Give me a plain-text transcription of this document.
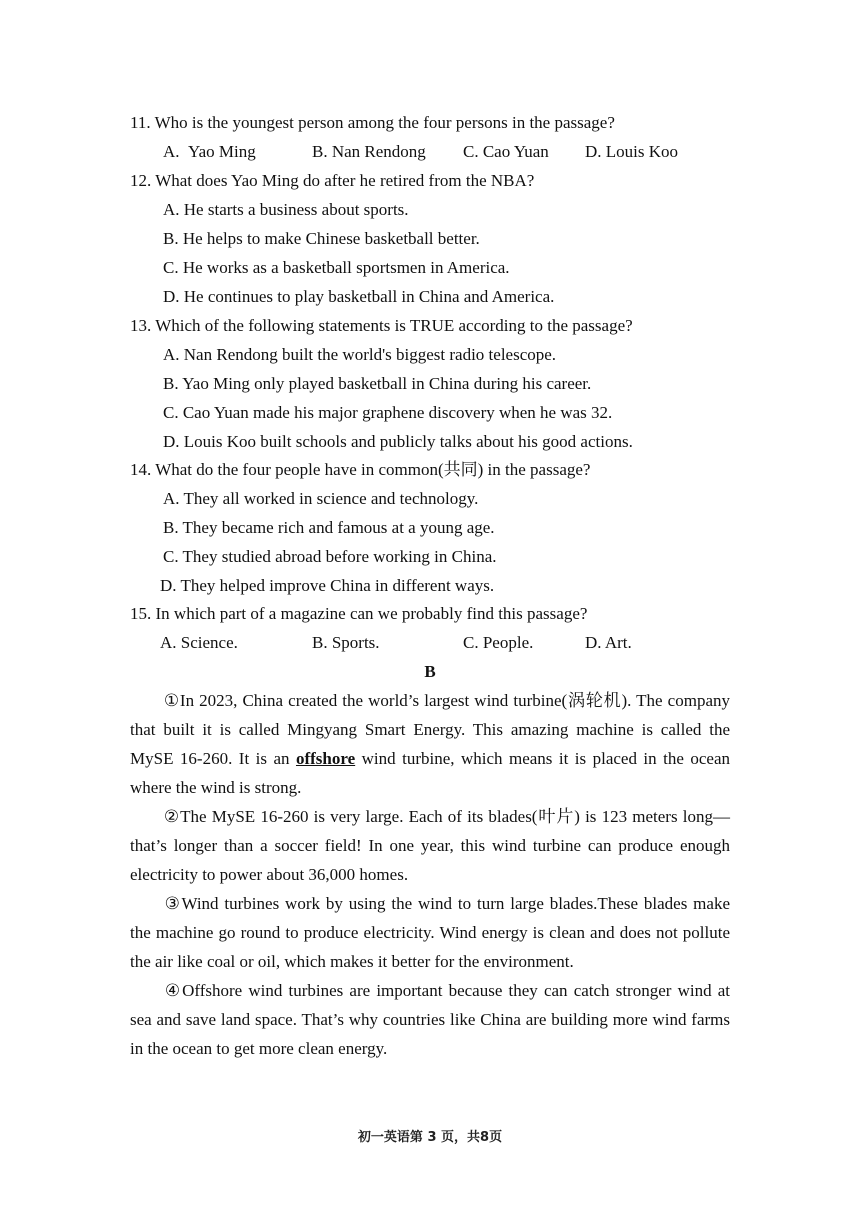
11. Who is the youngest person among the four persons in the passage?
A. Yao Ming	B. Nan Rendong C. Cao Yuan D. Louis Koo
12. What does Yao Ming do after he retired from the NBA?
A. He starts a business about sports.
B. He helps to make Chinese basketball better.
C. He works as a basketball sportsmen in America.
D. He continues to play basketball in China and America.
13. Which of the following statements is TRUE according to the passage?
A. Nan Rendong built the world's biggest radio telescope.
B. Yao Ming only played basketball in China during his career.
C. Cao Yuan made his major graphene discovery when he was 32.
D. Louis Koo built schools and publicly talks about his good actions.
14. What do the four people have in common(共同) in the passage?
A. They all worked in science and technology.
B. They became rich and famous at a young age.
C. They studied abroad before working in China.
D. They helped improve China in different ways.
15. In which part of a magazine can we probably find this passage?
A. Science.	B. Sports.	C. People.	D. Art.
B

①In 2023, China created the world’s largest wind turbine(涡轮机). The company that built it is called Mingyang Smart Energy. This amazing machine is called the MySE 16-260. It is an offshore wind turbine, which means it is placed in the ocean where the wind is strong.

②The MySE 16-260 is very large. Each of its blades(叶片) is 123 meters long—that’s longer than a soccer field! In one year, this wind turbine can produce enough electricity to power about 36,000 homes.

③Wind turbines work by using the wind to turn large blades.These blades make the machine go round to produce electricity. Wind energy is clean and does not pollute the air like coal or oil, which makes it better for the environment.

④Offshore wind turbines are important because they can catch stronger wind at sea and save land space. That’s why countries like China are building more wind farms in the ocean to get more clean energy.

初一英语第 3 页，共8页
